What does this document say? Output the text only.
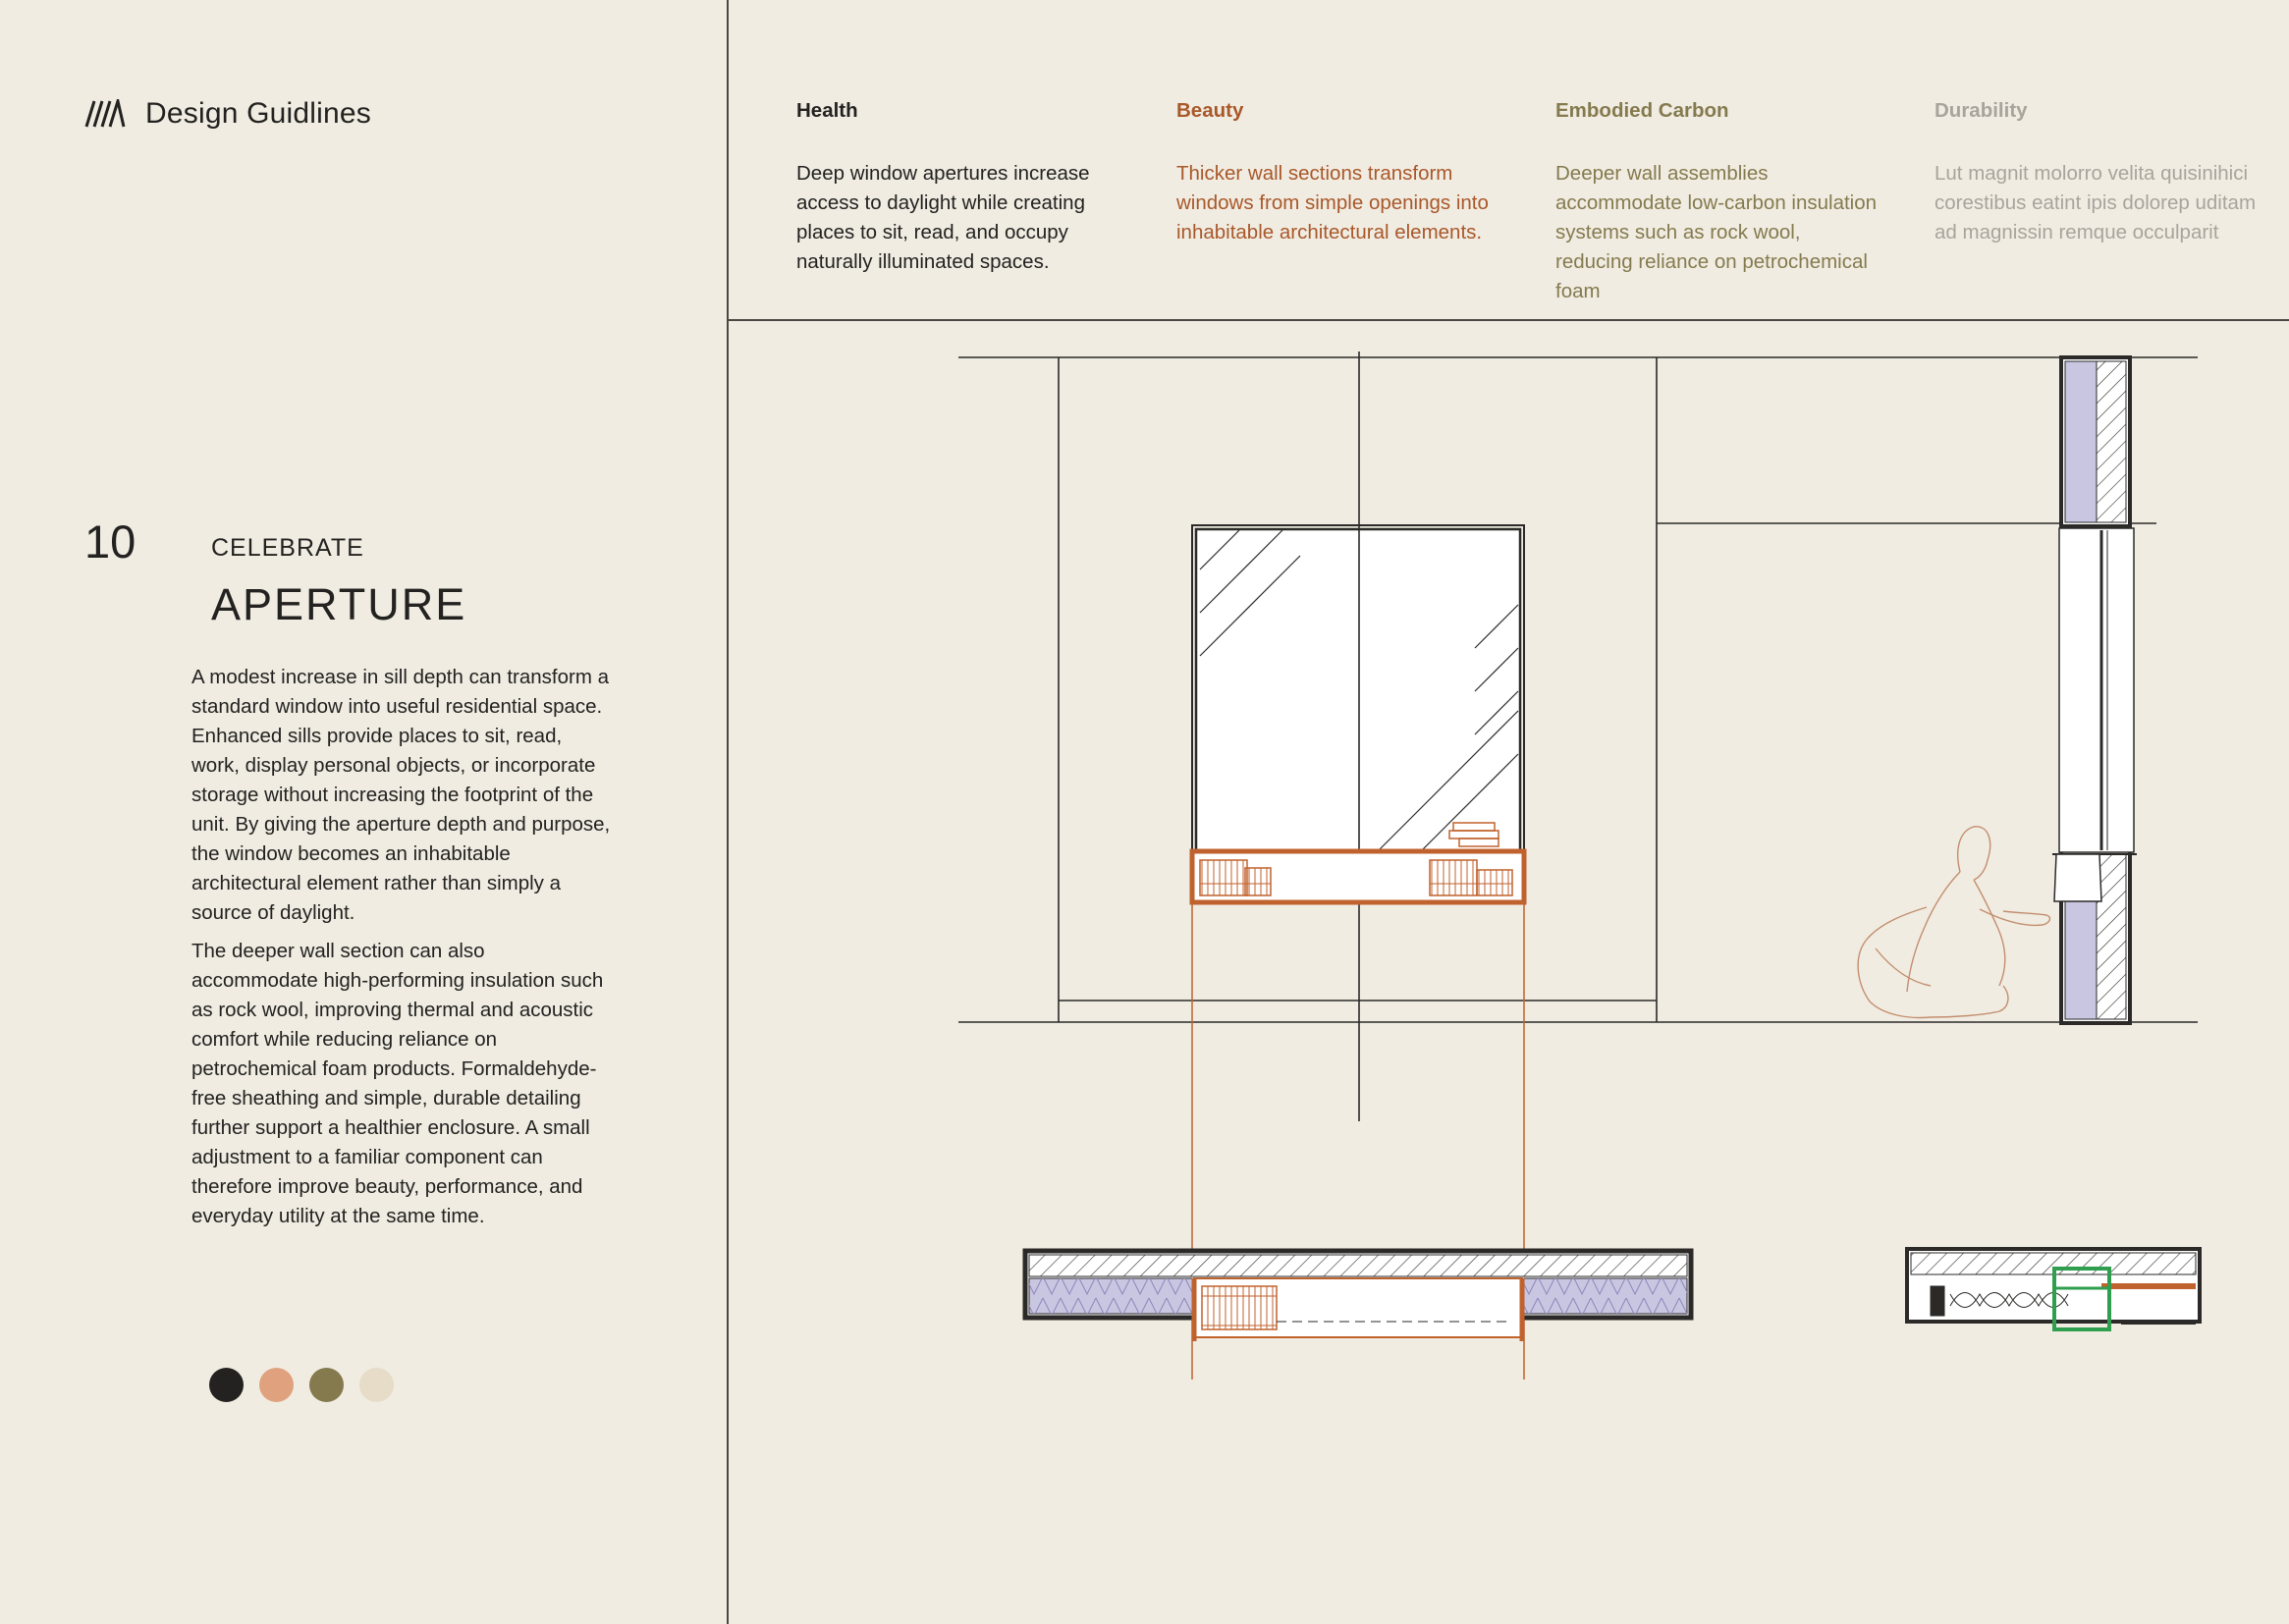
Design Guidlines
10	CELEBRATE
APERTURE

A modest increase in sill depth can transform a standard window into useful residential space. Enhanced sills provide places to sit, read, work, display personal objects, or incorporate storage without increasing the footprint of the unit. By giving the aperture depth and purpose, the window becomes an inhabitable architectural element rather than simply a source of daylight.

The deeper wall section can also accommodate high-performing insulation such as rock wool, improving thermal and acoustic comfort while reducing reliance on petrochemical foam products. Formaldehyde-free sheathing and simple, durable detailing further support a healthier enclosure. A small adjustment to a familiar component can therefore improve beauty, performance, and everyday utility at the same time.

Health
Deep window apertures increase access to daylight while creating places to sit, read, and occupy naturally illuminated spaces.
Beauty
Thicker wall sections transform windows from simple openings into inhabitable architectural elements.
Embodied Carbon
Deeper wall assemblies accommodate low-carbon insulation systems such as rock wool, reducing reliance on petrochemical foam
Durability
Lut magnit molorro velita quisinihici corestibus eatint ipis dolorep uditam ad magnissin remque occulparit
